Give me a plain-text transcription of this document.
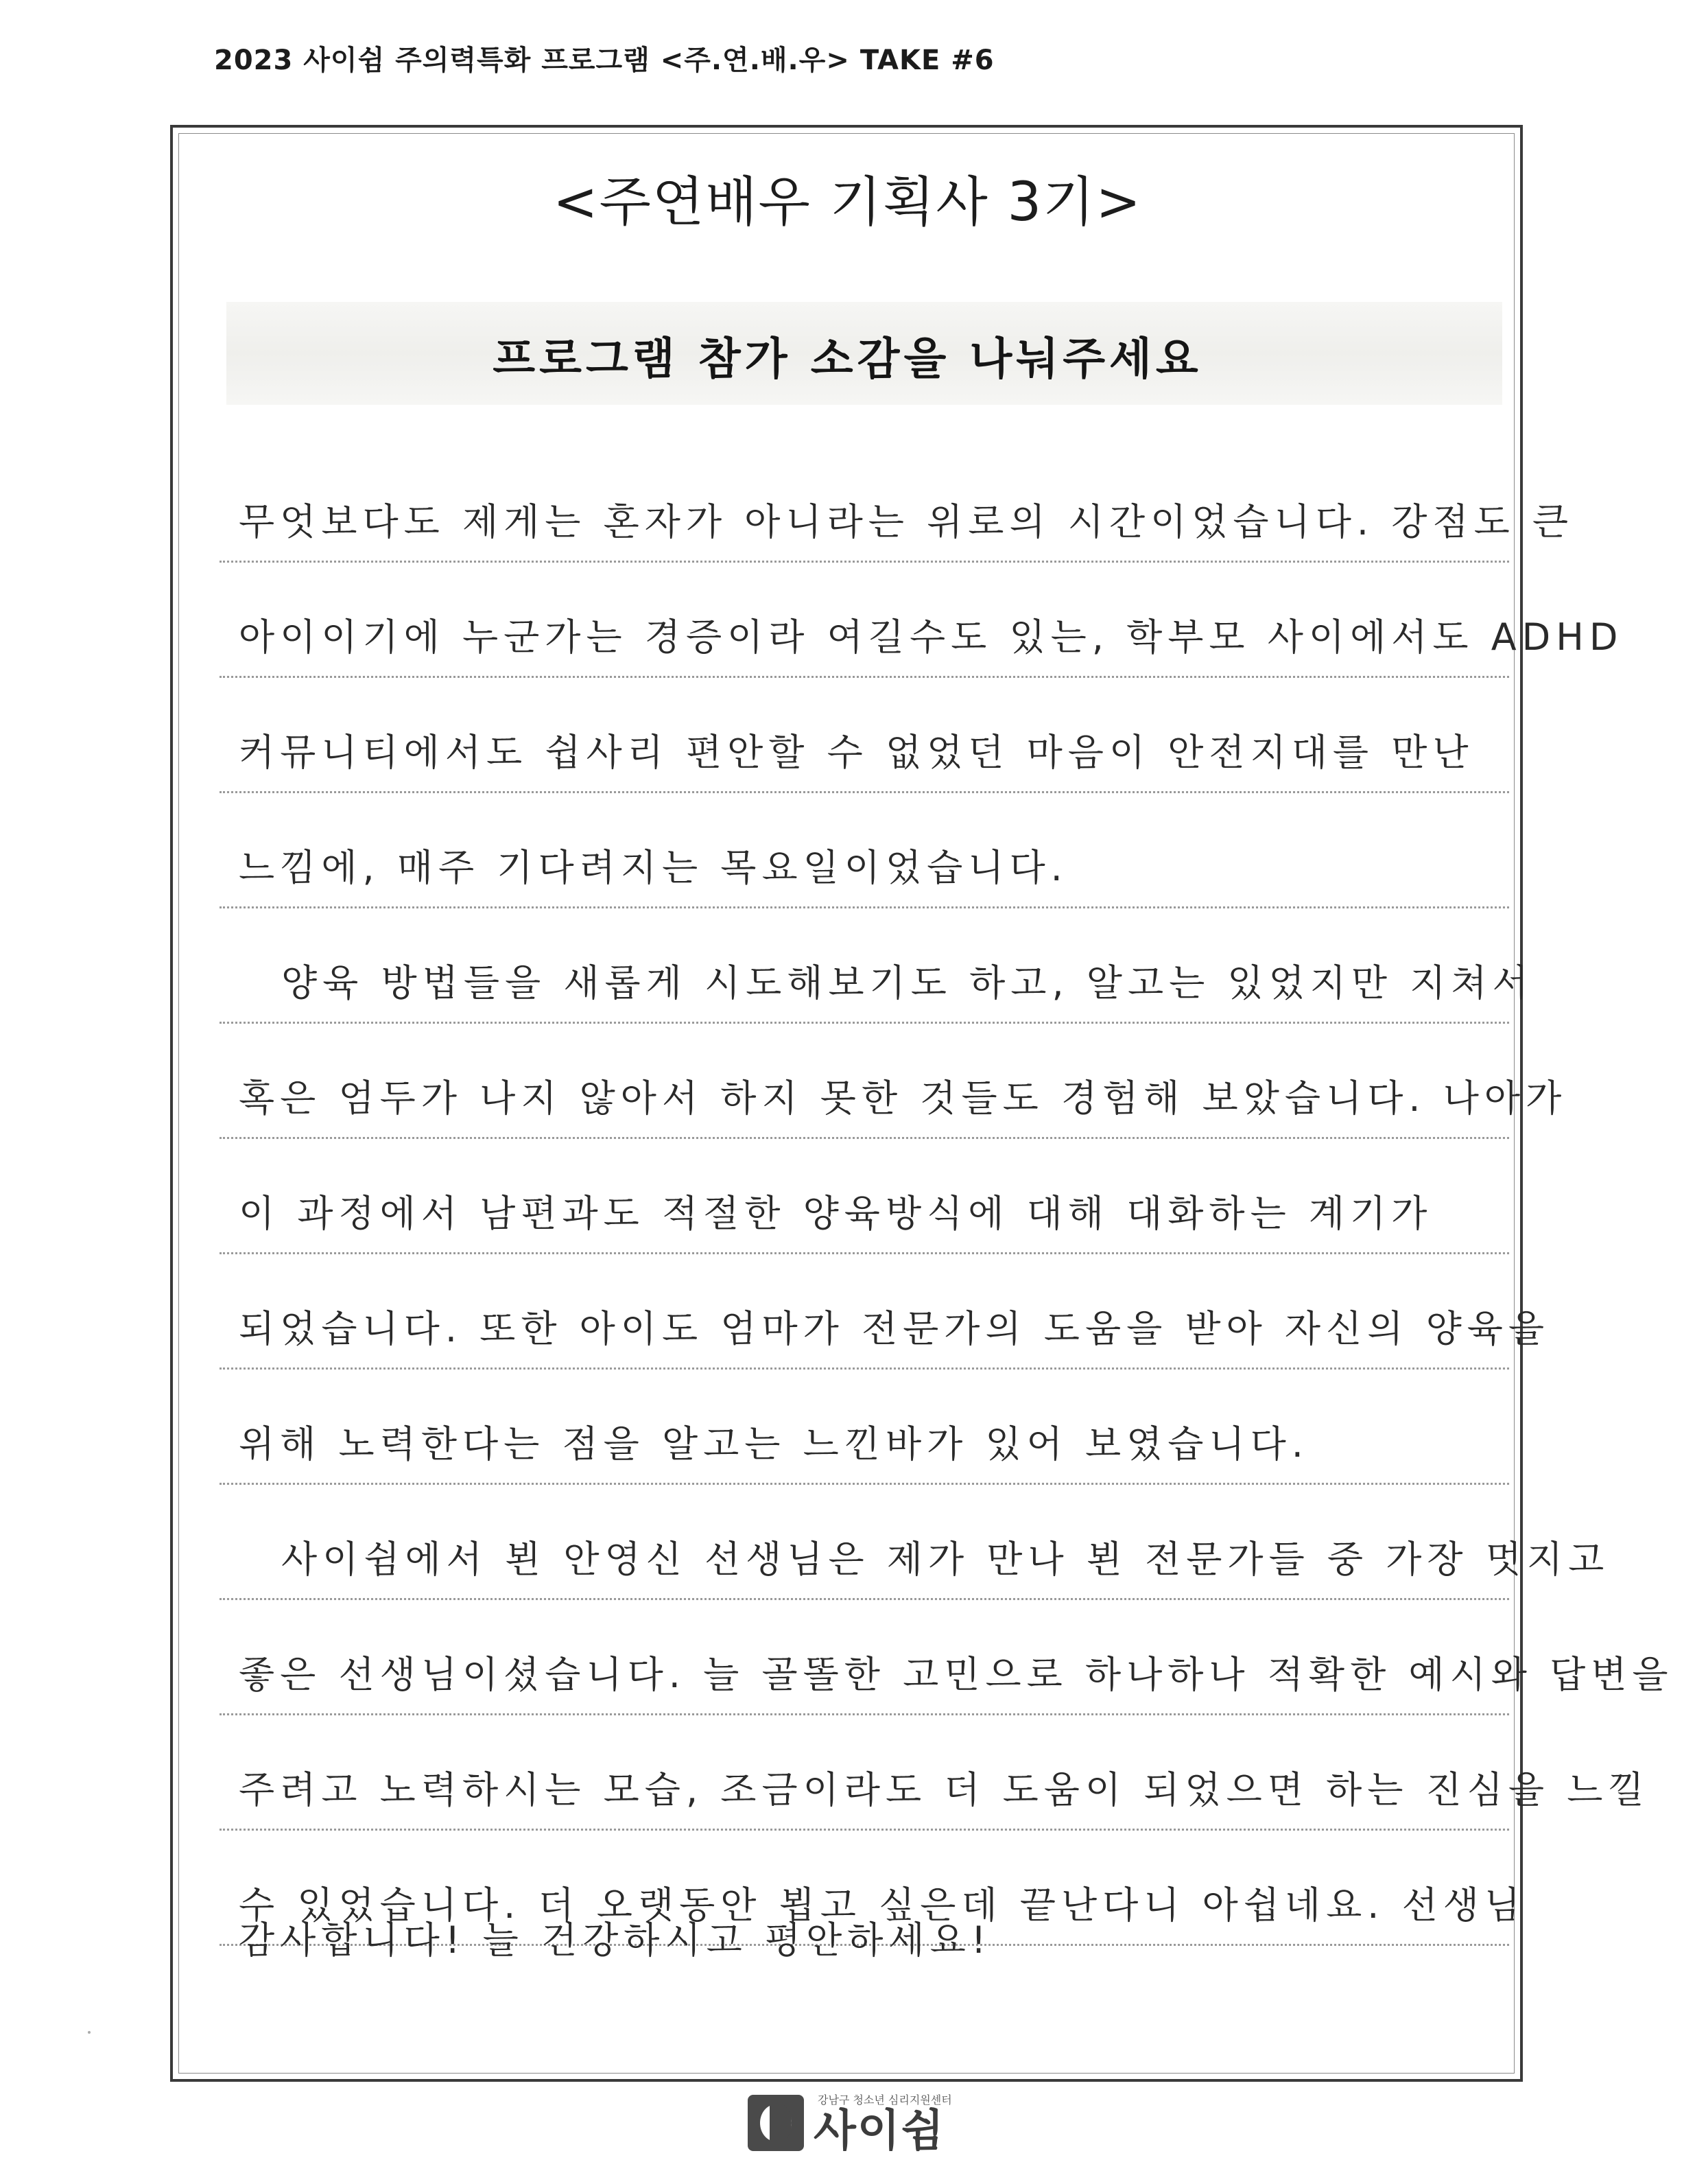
2023 사이쉼 주의력특화 프로그램 <주.연.배.우> TAKE #6
<주연배우 기획사 3기>
프로그램 참가 소감을 나눠주세요
무엇보다도 제게는 혼자가 아니라는 위로의 시간이었습니다. 강점도 큰
아이이기에 누군가는 경증이라 여길수도 있는, 학부모 사이에서도 ADHD
커뮤니티에서도 쉽사리 편안할 수 없었던 마음이 안전지대를 만난
느낌에, 매주 기다려지는 목요일이었습니다.
양육 방법들을 새롭게 시도해보기도 하고, 알고는 있었지만 지쳐서
혹은 엄두가 나지 않아서 하지 못한 것들도 경험해 보았습니다. 나아가
이 과정에서 남편과도 적절한 양육방식에 대해 대화하는 계기가
되었습니다. 또한 아이도 엄마가 전문가의 도움을 받아 자신의 양육을
위해 노력한다는 점을 알고는 느낀바가 있어 보였습니다.
사이쉼에서 뵌 안영신 선생님은 제가 만나 뵌 전문가들 중 가장 멋지고
좋은 선생님이셨습니다. 늘 골똘한 고민으로 하나하나 적확한 예시와 답변을
주려고 노력하시는 모습, 조금이라도 더 도움이 되었으면 하는 진심을 느낄
수 있었습니다. 더 오랫동안 뵙고 싶은데 끝난다니 아쉽네요. 선생님
감사합니다! 늘 건강하시고 평안하세요!
강남구 청소년 심리지원센터
사이쉼
